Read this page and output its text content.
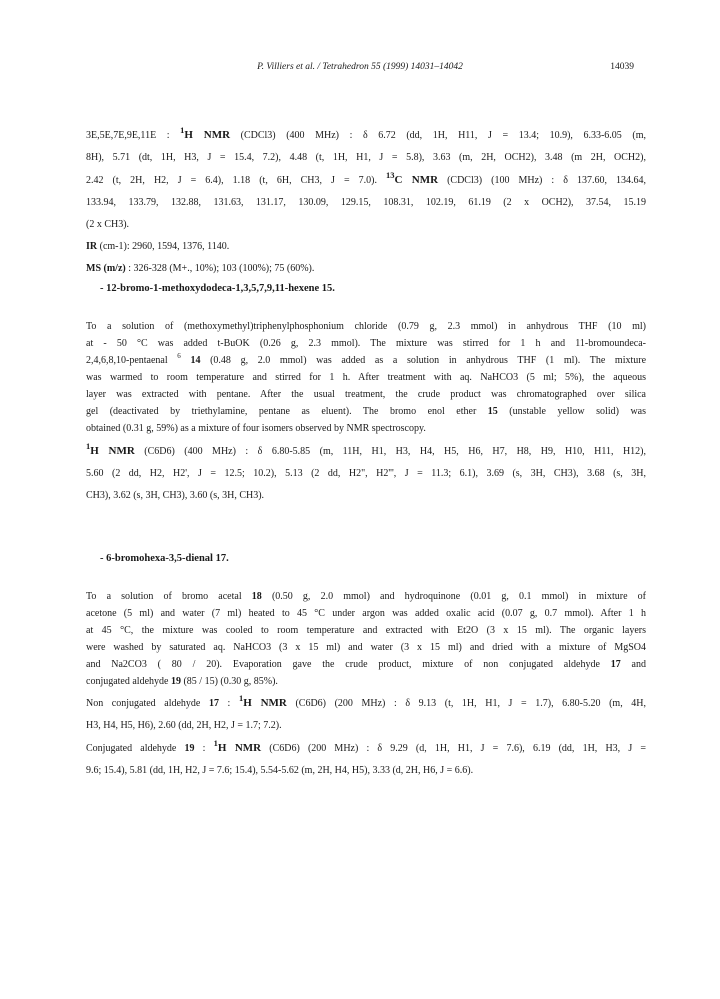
P. Villiers et al. / Tetrahedron 55 (1999) 14031–14042	14039
3E,5E,7E,9E,11E : $^1$H NMR (CDCl3) (400 MHz) : δ 6.72 (dd, 1H, H11, J = 13.4; 10.9), 6.33-6.05 (m,
8H), 5.71 (dt, 1H, H3, J = 15.4, 7.2), 4.48 (t, 1H, H1, J = 5.8), 3.63 (m, 2H, OCH2), 3.48 (m 2H, OCH2),
2.42 (t, 2H, H2, J = 6.4), 1.18 (t, 6H, CH3, J = 7.0). $^{13}$C NMR (CDCl3) (100 MHz) : δ 137.60, 134.64,
133.94, 133.79, 132.88, 131.63, 131.17, 130.09, 129.15, 108.31, 102.19, 61.19 (2 x OCH2), 37.54, 15.19
(2 x CH3).
IR (cm-1): 2960, 1594, 1376, 1140.
MS (m/z) : 326-328 (M+., 10%); 103 (100%); 75 (60%).
- 12-bromo-1-methoxydodeca-1,3,5,7,9,11-hexene 15.
To a solution of (methoxymethyl)triphenylphosphonium chloride (0.79 g, 2.3 mmol) in anhydrous THF (10 ml)
at - 50 °C was added t-BuOK (0.26 g, 2.3 mmol). The mixture was stirred for 1 h and 11-bromoundeca-
2,4,6,8,10-pentaenal $^6$ 14 (0.48 g, 2.0 mmol) was added as a solution in anhydrous THF (1 ml). The mixture
was warmed to room temperature and stirred for 1 h. After treatment with aq. NaHCO3 (5 ml; 5%), the aqueous
layer was extracted with pentane. After the usual treatment, the crude product was chromatographed over silica
gel (deactivated by triethylamine, pentane as eluent). The bromo enol ether 15 (unstable yellow solid) was
obtained (0.31 g, 59%) as a mixture of four isomers observed by NMR spectroscopy.
$^1$H NMR (C6D6) (400 MHz) : δ 6.80-5.85 (m, 11H, H1, H3, H4, H5, H6, H7, H8, H9, H10, H11, H12),
5.60 (2 dd, H2, H2', J = 12.5; 10.2), 5.13 (2 dd, H2", H2''', J = 11.3; 6.1), 3.69 (s, 3H, CH3), 3.68 (s, 3H,
CH3), 3.62 (s, 3H, CH3), 3.60 (s, 3H, CH3).
- 6-bromohexa-3,5-dienal 17.
To a solution of bromo acetal 18 (0.50 g, 2.0 mmol) and hydroquinone (0.01 g, 0.1 mmol) in mixture of
acetone (5 ml) and water (7 ml) heated to 45 °C under argon was added oxalic acid (0.07 g, 0.7 mmol). After 1 h
at 45 °C, the mixture was cooled to room temperature and extracted with Et2O (3 x 15 ml). The organic layers
were washed by saturated aq. NaHCO3 (3 x 15 ml) and water (3 x 15 ml) and dried with a mixture of MgSO4
and Na2CO3 ( 80 / 20). Evaporation gave the crude product, mixture of non conjugated aldehyde 17 and
conjugated aldehyde 19 (85 / 15) (0.30 g, 85%).
Non conjugated aldehyde 17 : $^1$H NMR (C6D6) (200 MHz) : δ 9.13 (t, 1H, H1, J = 1.7), 6.80-5.20 (m, 4H,
H3, H4, H5, H6), 2.60 (dd, 2H, H2, J = 1.7; 7.2).
Conjugated aldehyde 19 : $^1$H NMR (C6D6) (200 MHz) : δ 9.29 (d, 1H, H1, J = 7.6), 6.19 (dd, 1H, H3, J =
9.6; 15.4), 5.81 (dd, 1H, H2, J = 7.6; 15.4), 5.54-5.62 (m, 2H, H4, H5), 3.33 (d, 2H, H6, J = 6.6).
